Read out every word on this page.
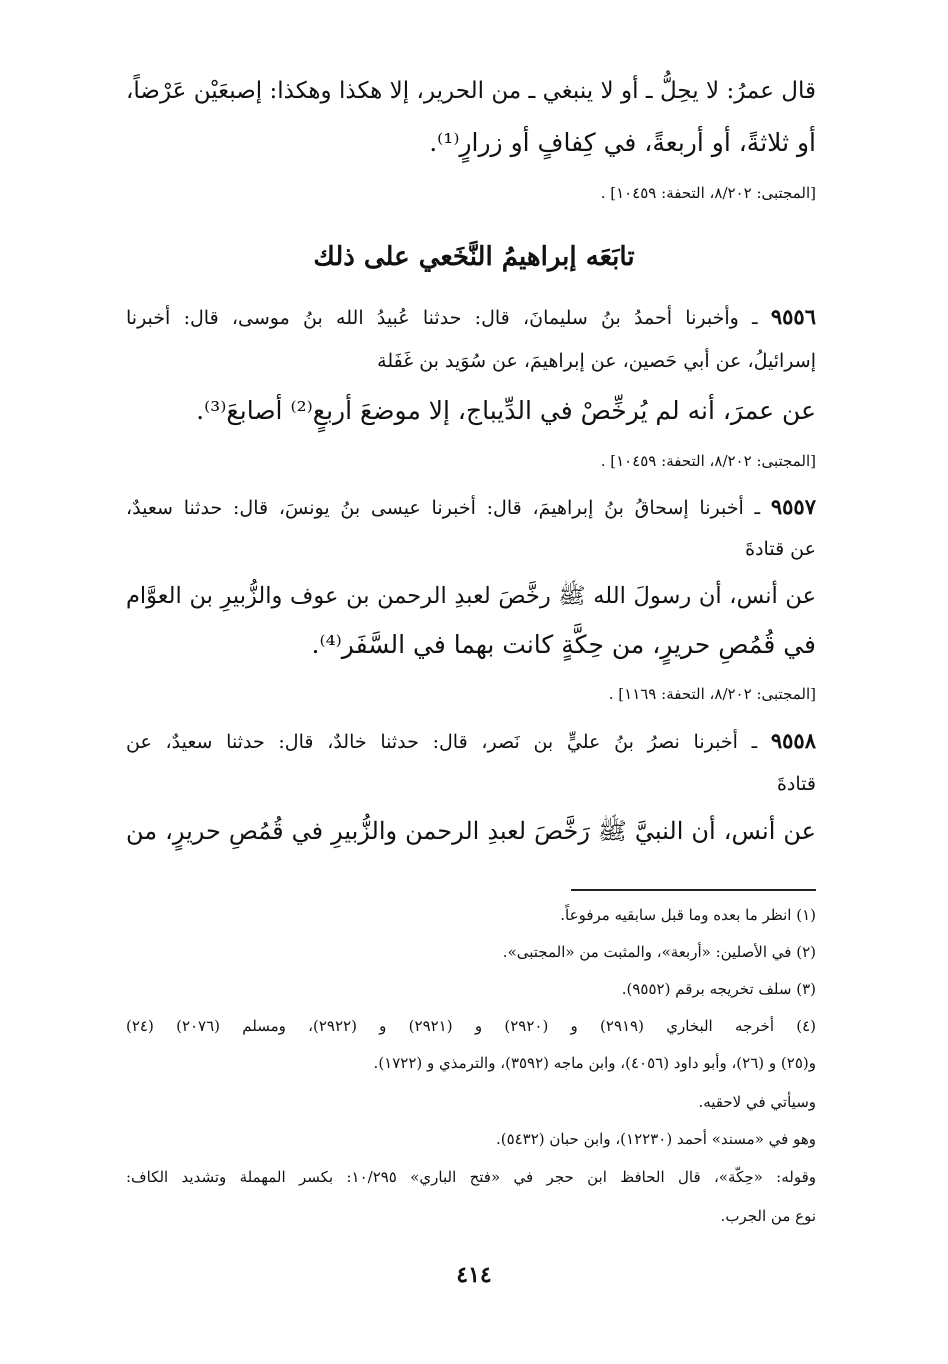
قال عمرُ: لا يحِلُّ ـ أو لا ينبغي ـ من الحرير، إلا هكذا وهكذا: إصبعَيْن عَرْضاً،
أو ثلاثةً، أو أربعةً، في كِفافٍ أو زرارٍ⁽¹⁾.
[المجتبى: ٨/٢٠٢، التحفة: ١٠٤٥٩] .
تابَعَه إبراهيمُ النَّخَعي على ذلك
٩٥٥٦ ـ وأخبرنا أحمدُ بنُ سليمانَ، قال: حدثنا عُبيدُ الله بنُ موسى، قال: أخبرنا
إسرائيلُ، عن أبي حَصين، عن إبراهيمَ، عن سُوَيد بن غَفَلة
عن عمرَ، أنه لم يُرخِّصْ في الدِّيباج، إلا موضعَ أربعٍ⁽²⁾ أصابعَ⁽³⁾.
[المجتبى: ٨/٢٠٢، التحفة: ١٠٤٥٩] .
٩٥٥٧ ـ أخبرنا إسحاقُ بنُ إبراهيمَ، قال: أخبرنا عيسى بنُ يونسَ، قال: حدثنا سعيدٌ،
عن قتادةَ
عن أنس، أن رسولَ الله ﷺ رخَّصَ لعبدِ الرحمن بن عوف والزُّبيرِ بن العوَّام
في قُمُصِ حريرٍ، من حِكَّةٍ كانت بهما في السَّفَر⁽⁴⁾.
[المجتبى: ٨/٢٠٢، التحفة: ١١٦٩] .
٩٥٥٨ ـ أخبرنا نصرُ بنُ عليٍّ بن نَصر، قال: حدثنا خالدٌ، قال: حدثنا سعيدٌ، عن
قتادةَ
عن أنس، أن النبيَّ ﷺ رَخَّصَ لعبدِ الرحمن والزُّبيرِ في قُمُصِ حريرٍ، من
(١) انظر ما بعده وما قبل سابقيه مرفوعاً.
(٢) في الأصلين: «أربعة»، والمثبت من «المجتبى».
(٣) سلف تخريجه برقم (٩٥٥٢).
(٤) أخرجه البخاري (٢٩١٩) و (٢٩٢٠) و (٢٩٢١) و (٢٩٢٢)، ومسلم (٢٠٧٦) (٢٤)
و(٢٥) و (٢٦)، وأبو داود (٤٠٥٦)، وابن ماجه (٣٥٩٢)، والترمذي و (١٧٢٢).
وسيأتي في لاحقيه.
وهو في «مسند» أحمد (١٢٢٣٠)، وابن حبان (٥٤٣٢).
وقوله: «حِكّة»، قال الحافظ ابن حجر في «فتح الباري» ١٠/٢٩٥: بكسر المهملة وتشديد الكاف:
نوع من الجرب.
٤١٤
